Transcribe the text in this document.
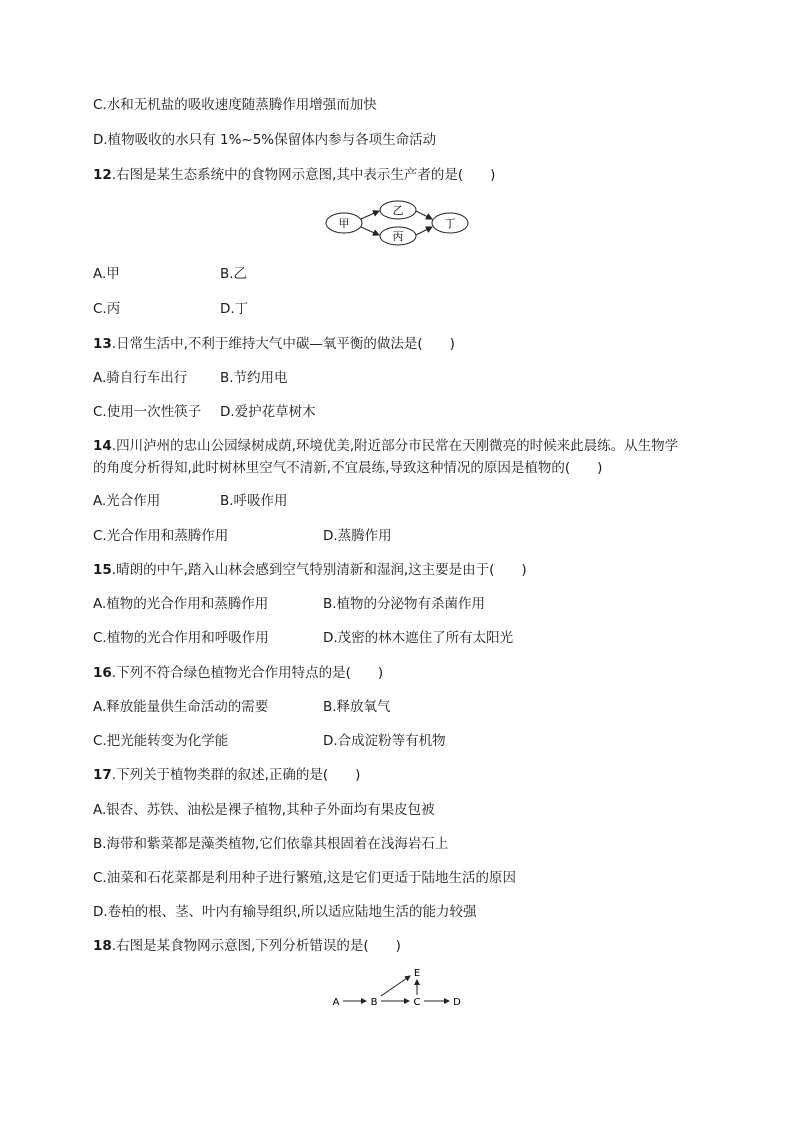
C.水和无机盐的吸收速度随蒸腾作用增强而加快
D.植物吸收的水只有 1%~5%保留体内参与各项生命活动
12.右图是某生态系统中的食物网示意图,其中表示生产者的是(　　)
甲
乙
丙
丁
A.甲	B.乙
C.丙	D.丁
13.日常生活中,不利于维持大气中碳—氧平衡的做法是(　　)
A.骑自行车出行 B.节约用电
C.使用一次性筷子 D.爱护花草树木
14.四川泸州的忠山公园绿树成荫,环境优美,附近部分市民常在天刚微亮的时候来此晨练。从生物学
的角度分析得知,此时树林里空气不清新,不宜晨练,导致这种情况的原因是植物的(　　)
A.光合作用	B.呼吸作用
C.光合作用和蒸腾作用	D.蒸腾作用
15.晴朗的中午,踏入山林会感到空气特别清新和湿润,这主要是由于(　　)
A.植物的光合作用和蒸腾作用	B.植物的分泌物有杀菌作用
C.植物的光合作用和呼吸作用	D.茂密的林木遮住了所有太阳光
16.下列不符合绿色植物光合作用特点的是(　　)
A.释放能量供生命活动的需要	B.释放氧气
C.把光能转变为化学能	D.合成淀粉等有机物
17.下列关于植物类群的叙述,正确的是(　　)
A.银杏、苏铁、油松是裸子植物,其种子外面均有果皮包被
B.海带和紫菜都是藻类植物,它们依靠其根固着在浅海岩石上
C.油菜和石花菜都是利用种子进行繁殖,这是它们更适于陆地生活的原因
D.卷柏的根、茎、叶内有输导组织,所以适应陆地生活的能力较强
18.右图是某食物网示意图,下列分析错误的是(　　)
A	B	C	D
E
